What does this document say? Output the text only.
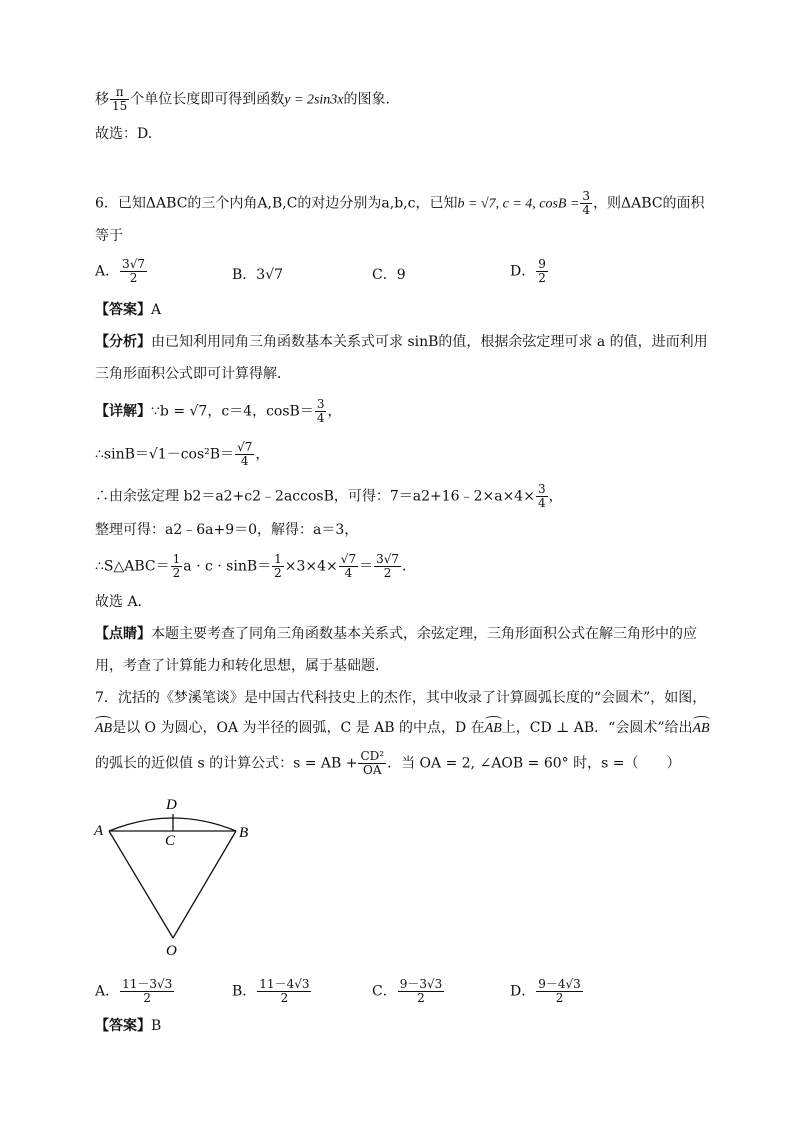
移 $\frac{\pi}{15}$ 个单位长度即可得到函数y = 2sin3x的图象．
故选：D.
6．已知ΔABC的三个内角A,B,C的对边分别为a,b,c，已知b = √7, c = 4, $\cos B = \frac{3}{4}$ ，则ΔABC的面积
等于
A． $\frac{3√7}{2}$	B．3√7	C．9	D． $\frac{9}{2}$
【答案】A
【分析】由已知利用同角三角函数基本关系式可求 sinB的值，根据余弦定理可求 a 的值，进而利用
三角形面积公式即可计算得解．
【详解】∵b = √7，c＝4，$\cos B= \frac{3}{4}$ ，
∴sinB＝√1－cos²B＝ $\frac{√7}{4}$ ，
∴由余弦定理 b2＝a2+c2﹣2accosB，可得：7＝a2+16﹣2×a×4× $\frac{3}{4}$ ，
整理可得：a2﹣6a+9＝0，解得：a＝3，
∴S△ABC＝ $\frac{1}{2}$ $a \cdot c \cdot \sin B= \frac{1}{2} \times 3\times 4\times \frac{√7}{4} = \frac{3√7}{2}$ ．
故选 A．
【点睛】本题主要考查了同角三角函数基本关系式，余弦定理，三角形面积公式在解三角形中的应
用，考查了计算能力和转化思想，属于基础题．
7．沈括的《梦溪笔谈》是中国古代科技史上的杰作，其中收录了计算圆弧长度的“会圆术”，如图，
AB是以 O 为圆心，OA 为半径的圆弧，C 是 AB 的中点，D 在AB上，CD ⊥ AB．“会圆术”给出AB
的弧长的近似值 s 的计算公式：s = AB + $\frac{\text{CD²}}{OA}$ ．当 OA = 2, ∠AOB = 60° 时，s =（　　）
A	B
C
D
O
A． $\frac{11-3√3}{2}$	B． $\frac{11-4√3}{2}$	C． $\frac{9-3√3}{2}$	D． $\frac{9-4√3}{2}$
【答案】B
